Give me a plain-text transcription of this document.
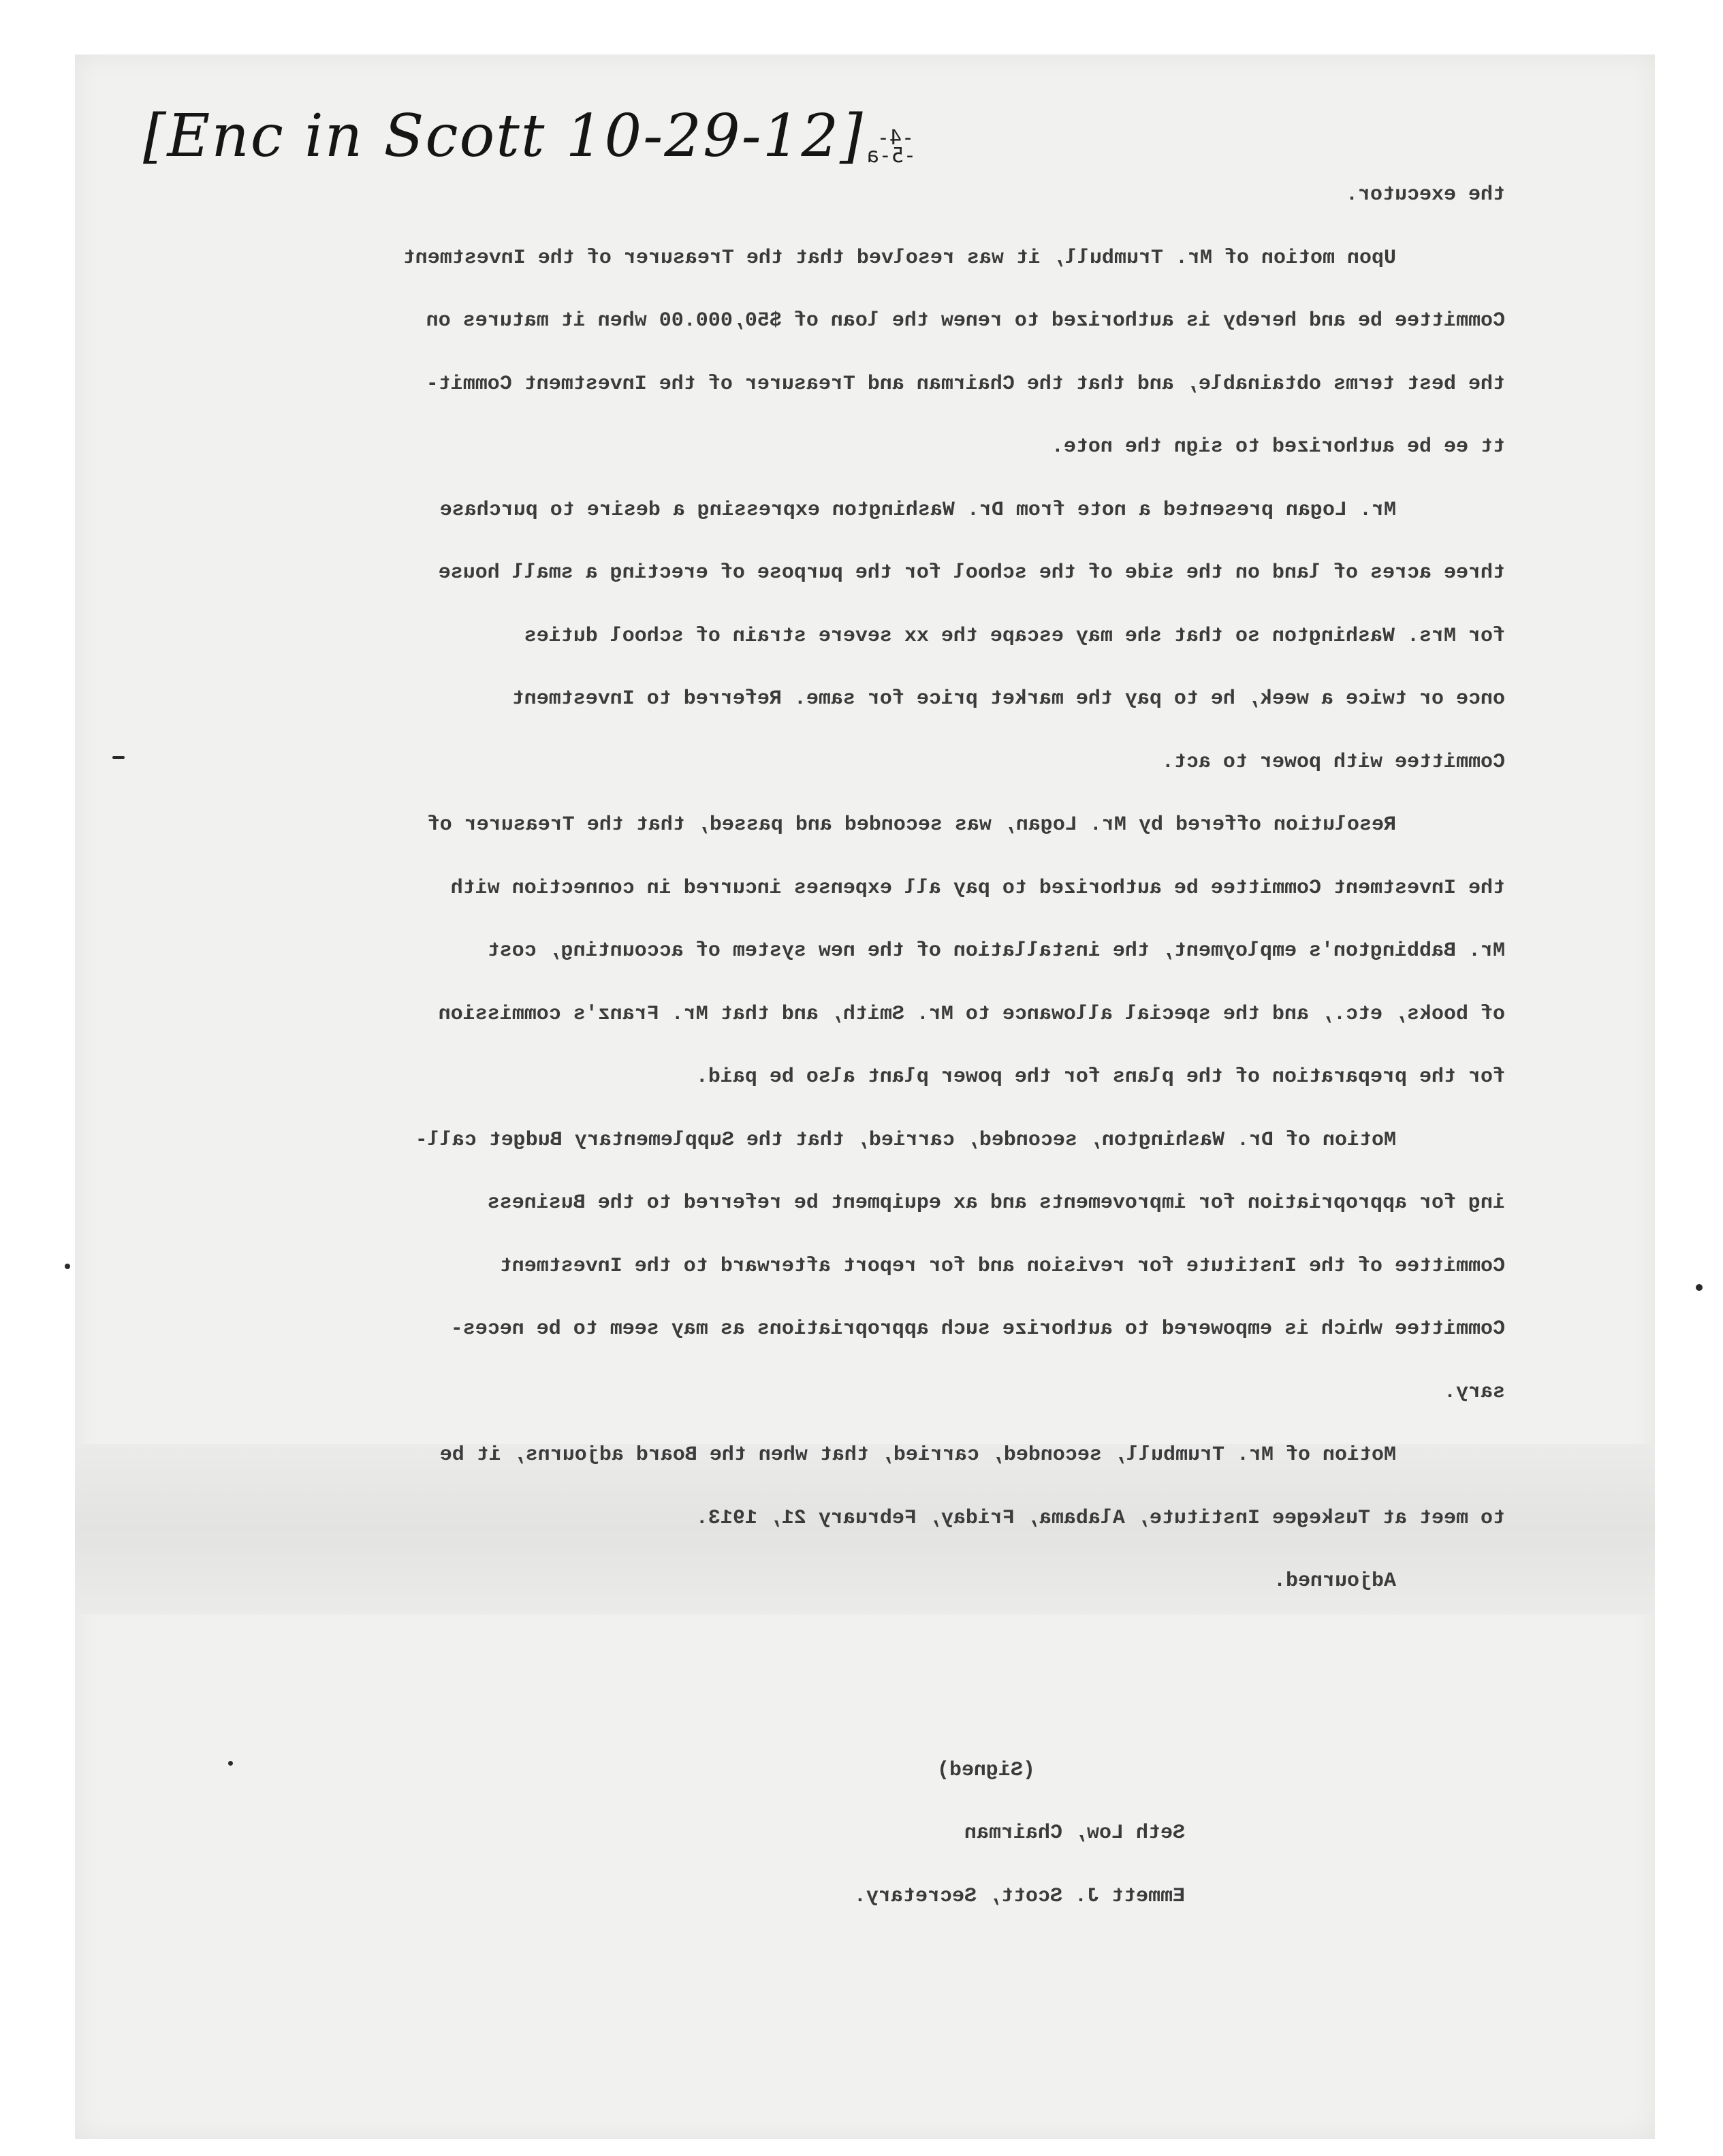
[Enc in Scott 10-29-12] -4-
-5-a
the executor.
Upon motion of Mr. Trumbull, it was resolved that the Treasurer of the Investment
Committee be and hereby is authorized to renew the loan of $50,000.00 when it matures on
the best terms obtainable, and that the Chairman and Treasurer of the Investment Commit-
tt ee be authorized to sign the note.
Mr. Logan presented a note from Dr. Washington expressing a desire to purchase
three acres of land on the side of the school for the purpose of erecting a small house
for Mrs. Washington so that she may escape the xx severe strain of school duties
once or twice a week, he to pay the market price for same. Referred to Investment
Committee with power to act.
Resolution offered by Mr. Logan, was seconded and passed, that the Treasurer of
the Investment Committee be authorized to pay all expenses incurred in connection with
Mr. Babbington's employment, the installation of the new system of accounting, cost
of books, etc., and the special allowance to Mr. Smith, and that Mr. Franz's commission
for the preparation of the plans for the power plant also be paid.
Motion of Dr. Washington, seconded, carried, that the Supplementary Budget call-
ing for appropriation for improvements and ax equipment be referred to the Business
Committee of the Institute for revision and for report afterward to the Investment
Committee which is empowered to authorize such appropriations as may seem to be neces-
sary.
Motion of Mr. Trumbull, seconded, carried, that when the Board adjourns, it be
to meet at Tuskegee Institute, Alabama, Friday, February 21, 1913.
Adjourned.
(Signed)
Seth Low, Chairman
Emmett J. Scott, Secretary.
